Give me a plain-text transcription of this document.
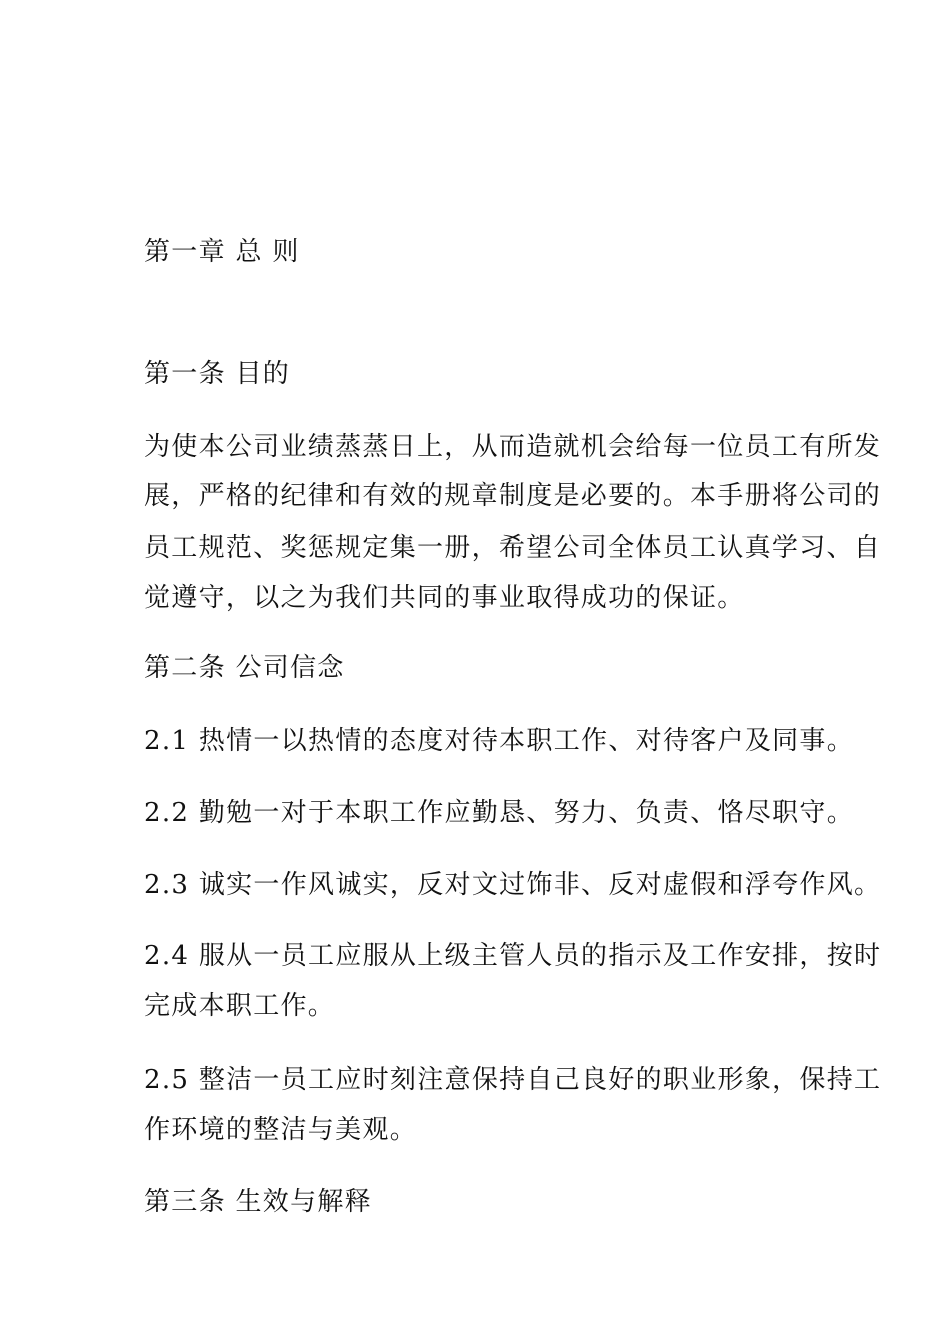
第一章 总 则
第一条 目的
为使本公司业绩蒸蒸日上，从而造就机会给每一位员工有所发
展，严格的纪律和有效的规章制度是必要的。本手册将公司的
员工规范、奖惩规定集一册，希望公司全体员工认真学习、自
觉遵守，以之为我们共同的事业取得成功的保证。
第二条 公司信念
2.1 热情一以热情的态度对待本职工作、对待客户及同事。
2.2 勤勉一对于本职工作应勤恳、努力、负责、恪尽职守。
2.3 诚实一作风诚实，反对文过饰非、反对虚假和浮夸作风。
2.4 服从一员工应服从上级主管人员的指示及工作安排，按时
完成本职工作。
2.5 整洁一员工应时刻注意保持自己良好的职业形象，保持工
作环境的整洁与美观。
第三条 生效与解释
